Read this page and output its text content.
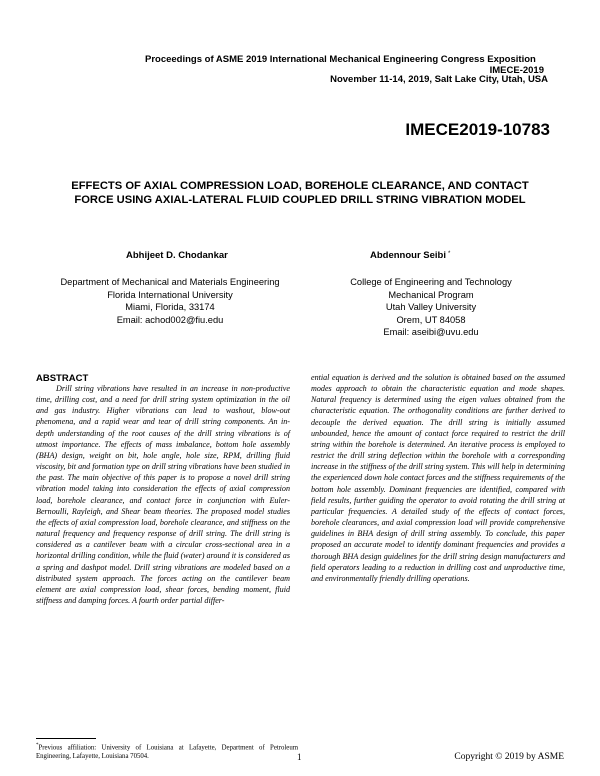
Proceedings of ASME 2019 International Mechanical Engineering Congress Exposition
IMECE-2019
November 11-14, 2019, Salt Lake City, Utah, USA
IMECE2019-10783
EFFECTS OF AXIAL COMPRESSION LOAD, BOREHOLE CLEARANCE, AND CONTACT FORCE USING AXIAL-LATERAL FLUID COUPLED DRILL STRING VIBRATION MODEL
Abhijeet D. Chodankar	Abdennour Seibi *
Department of Mechanical and Materials Engineering
Florida International University
Miami, Florida, 33174
Email: achod002@fiu.edu
College of Engineering and Technology
Mechanical Program
Utah Valley University
Orem, UT 84058
Email: aseibi@uvu.edu
ABSTRACT
Drill string vibrations have resulted in an increase in non-productive time, drilling cost, and a need for drill string system optimization in the oil and gas industry. Higher vibrations can lead to washout, blow-out phenomena, and a rapid wear and tear of drill string components. An in-depth understanding of the root causes of the drill string vibrations is of utmost importance. The effects of mass imbalance, bottom hole assembly (BHA) design, weight on bit, hole angle, hole size, RPM, drilling fluid viscosity, bit and formation type on drill string vibrations have been studied in the past. The main objective of this paper is to propose a novel drill string vibration model taking into consideration the effects of axial compression load, borehole clearance, and contact force in conjunction with Euler-Bernoulli, Rayleigh, and Shear beam theories. The proposed model studies the effects of axial compression load, borehole clearance, and stiffness on the natural frequency and frequency response of drill string. The drill string is considered as a cantilever beam with a circular cross-sectional area in a horizontal drilling condition, while the fluid (water) around it is considered as a spring and dashpot model. Drill string vibrations are modeled based on a distributed system approach. The forces acting on the cantilever beam element are axial compression load, shear forces, bending moment, fluid stiffness and damping forces. A fourth order partial differ-
ential equation is derived and the solution is obtained based on the assumed modes approach to obtain the characteristic equation and mode shapes. Natural frequency is determined using the eigen values obtained from the characteristic equation. The orthogonality conditions are further derived to decouple the derived equation. The drill string is initially assumed unbounded, hence the amount of contact force required to restrict the drill string within the borehole is determined. An iterative process is employed to restrict the drill string deflection within the borehole with a corresponding increase in the stiffness of the drill string system. This will help in determining the experienced down hole contact forces and the stiffness requirements of the bottom hole assembly. Dominant frequencies are identified, compared with field results, further guiding the operator to avoid rotating the drill string at particular frequencies. A detailed study of the effects of contact forces, borehole clearances, and axial compression load will provide comprehensive guidelines in BHA design of drill string assembly. To conclude, this paper proposed an accurate model to identify dominant frequencies and provides a thorough BHA design guidelines for the drill string design manufacturers and field operators leading to a reduction in drilling cost and unproductive time, and environmentally friendly drilling operations.
*Previous affiliation: University of Louisiana at Lafayette, Department of Petroleum Engineering, Lafayette, Louisiana 70504.	1	Copyright © 2019 by ASME
